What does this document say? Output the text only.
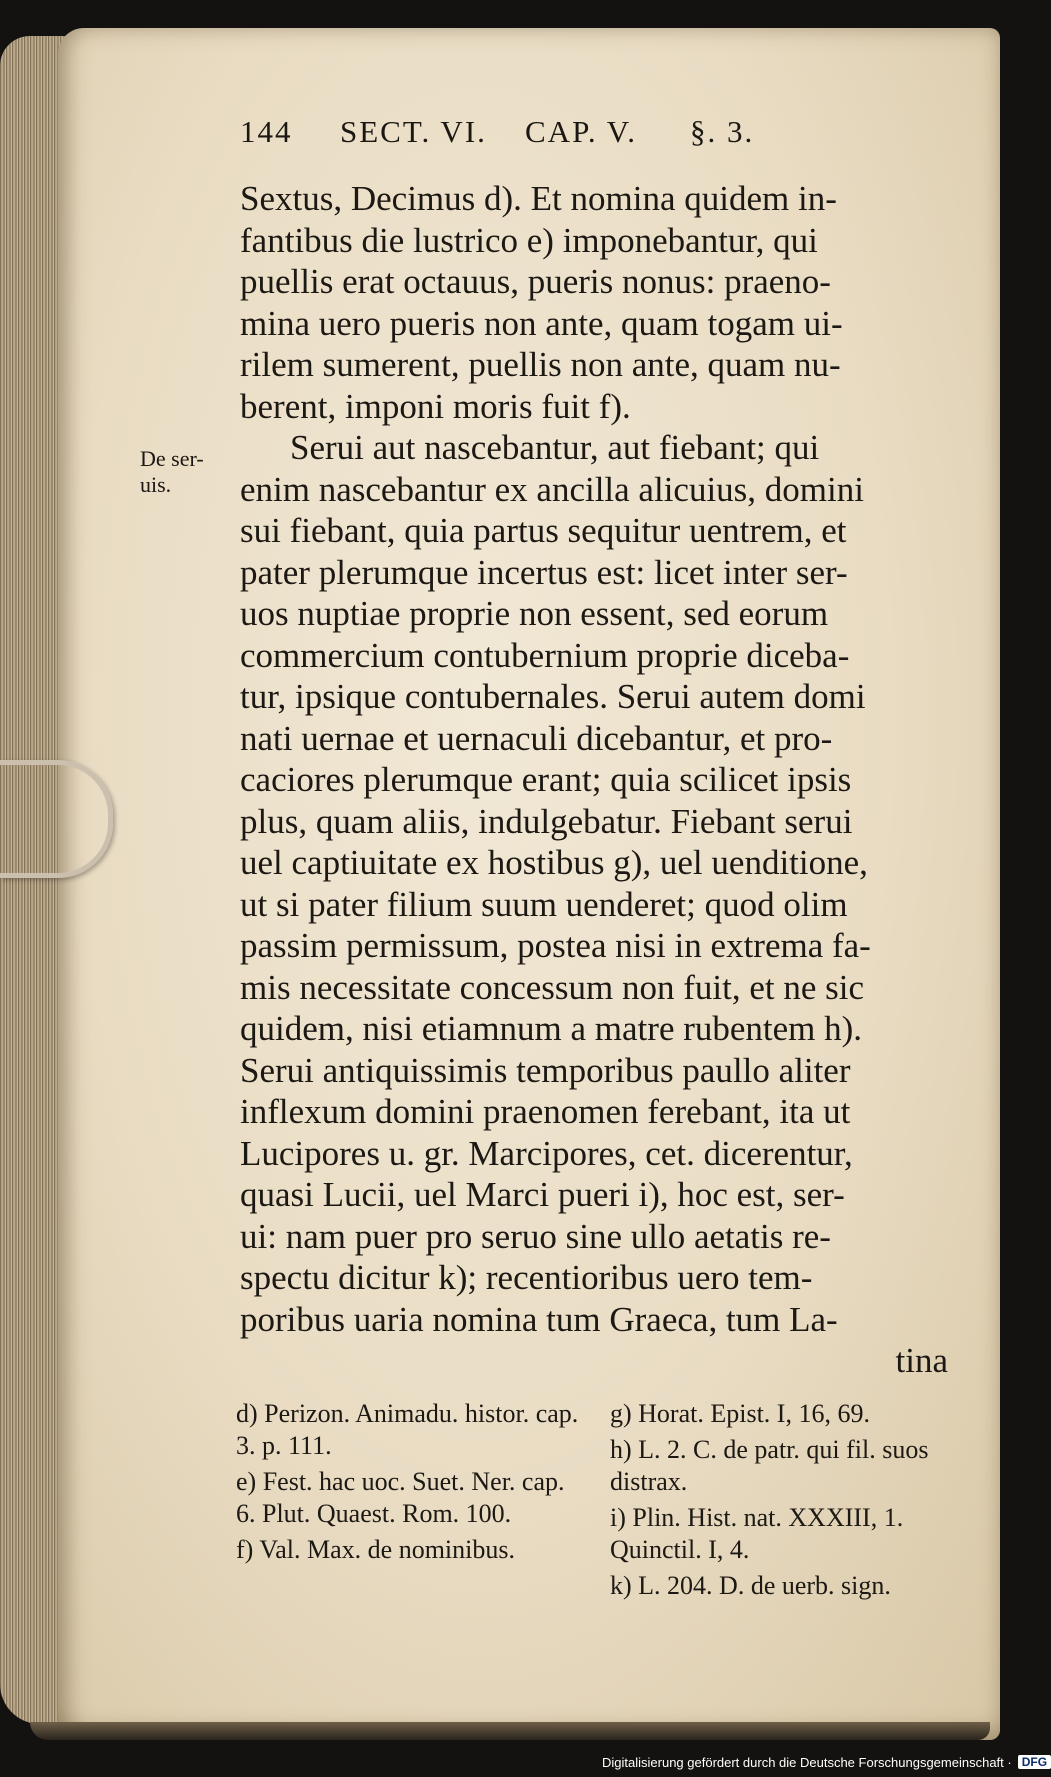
144 SECT. VI. CAP. V. §. 3.
De ser-
uis.
Sextus, Decimus d). Et nomina quidem in-
fantibus die lustrico e) imponebantur, qui
puellis erat octauus, pueris nonus: praeno-
mina uero pueris non ante, quam togam ui-
rilem sumerent, puellis non ante, quam nu-
berent, imponi moris fuit f).
Serui aut nascebantur, aut fiebant; qui
enim nascebantur ex ancilla alicuius, domini
sui fiebant, quia partus sequitur uentrem, et
pater plerumque incertus est: licet inter ser-
uos nuptiae proprie non essent, sed eorum
commercium contubernium proprie diceba-
tur, ipsique contubernales. Serui autem domi
nati uernae et uernaculi dicebantur, et pro-
caciores plerumque erant; quia scilicet ipsis
plus, quam aliis, indulgebatur. Fiebant serui
uel captiuitate ex hostibus g), uel uenditione,
ut si pater filium suum uenderet; quod olim
passim permissum, postea nisi in extrema fa-
mis necessitate concessum non fuit, et ne sic
quidem, nisi etiamnum a matre rubentem h).
Serui antiquissimis temporibus paullo aliter
inflexum domini praenomen ferebant, ita ut
Lucipores u. gr. Marcipores, cet. dicerentur,
quasi Lucii, uel Marci pueri i), hoc est, ser-
ui: nam puer pro seruo sine ullo aetatis re-
spectu dicitur k); recentioribus uero tem-
poribus uaria nomina tum Graeca, tum La-
tina
d) Perizon. Animadu. histor. cap. 3. p. 111.
e) Fest. hac uoc. Suet. Ner. cap. 6. Plut. Quaest. Rom. 100.
f) Val. Max. de nominibus.
g) Horat. Epist. I, 16, 69.
h) L. 2. C. de patr. qui fil. suos distrax.
i) Plin. Hist. nat. XXXIII, 1. Quinctil. I, 4.
k) L. 204. D. de uerb. sign.
Digitalisierung gefördert durch die Deutsche Forschungsgemeinschaft · DFG
